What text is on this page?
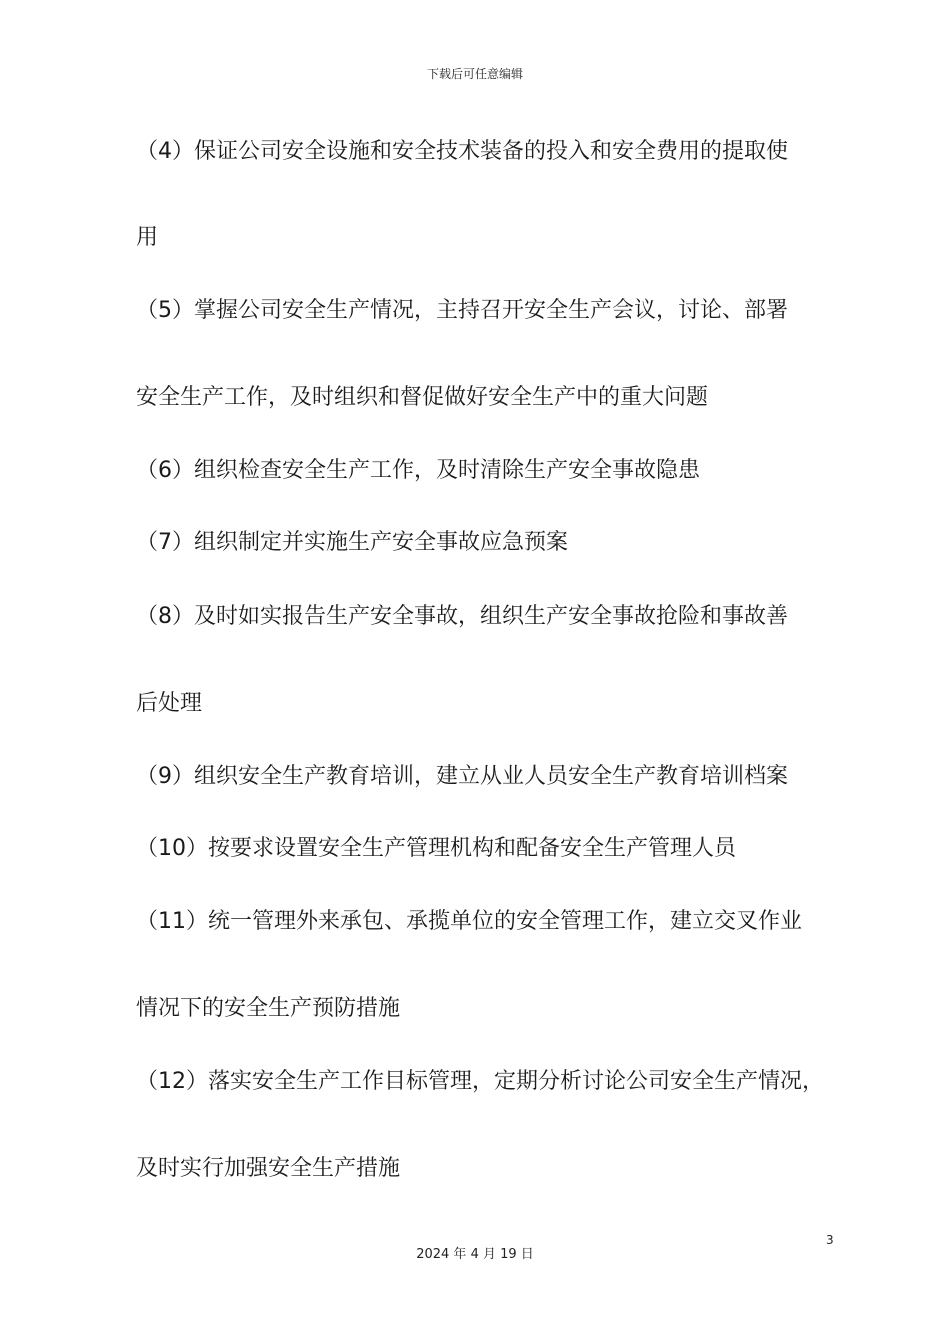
下载后可任意编辑
（4）保证公司安全设施和安全技术装备的投入和安全费用的提取使
用
（5）掌握公司安全生产情况，主持召开安全生产会议，讨论、部署
安全生产工作，及时组织和督促做好安全生产中的重大问题
（6）组织检查安全生产工作，及时清除生产安全事故隐患
（7）组织制定并实施生产安全事故应急预案
（8）及时如实报告生产安全事故，组织生产安全事故抢险和事故善
后处理
（9）组织安全生产教育培训，建立从业人员安全生产教育培训档案
（10）按要求设置安全生产管理机构和配备安全生产管理人员
（11）统一管理外来承包、承揽单位的安全管理工作，建立交叉作业
情况下的安全生产预防措施
（12）落实安全生产工作目标管理，定期分析讨论公司安全生产情况，
及时实行加强安全生产措施
3
2024 年 4 月 19 日
